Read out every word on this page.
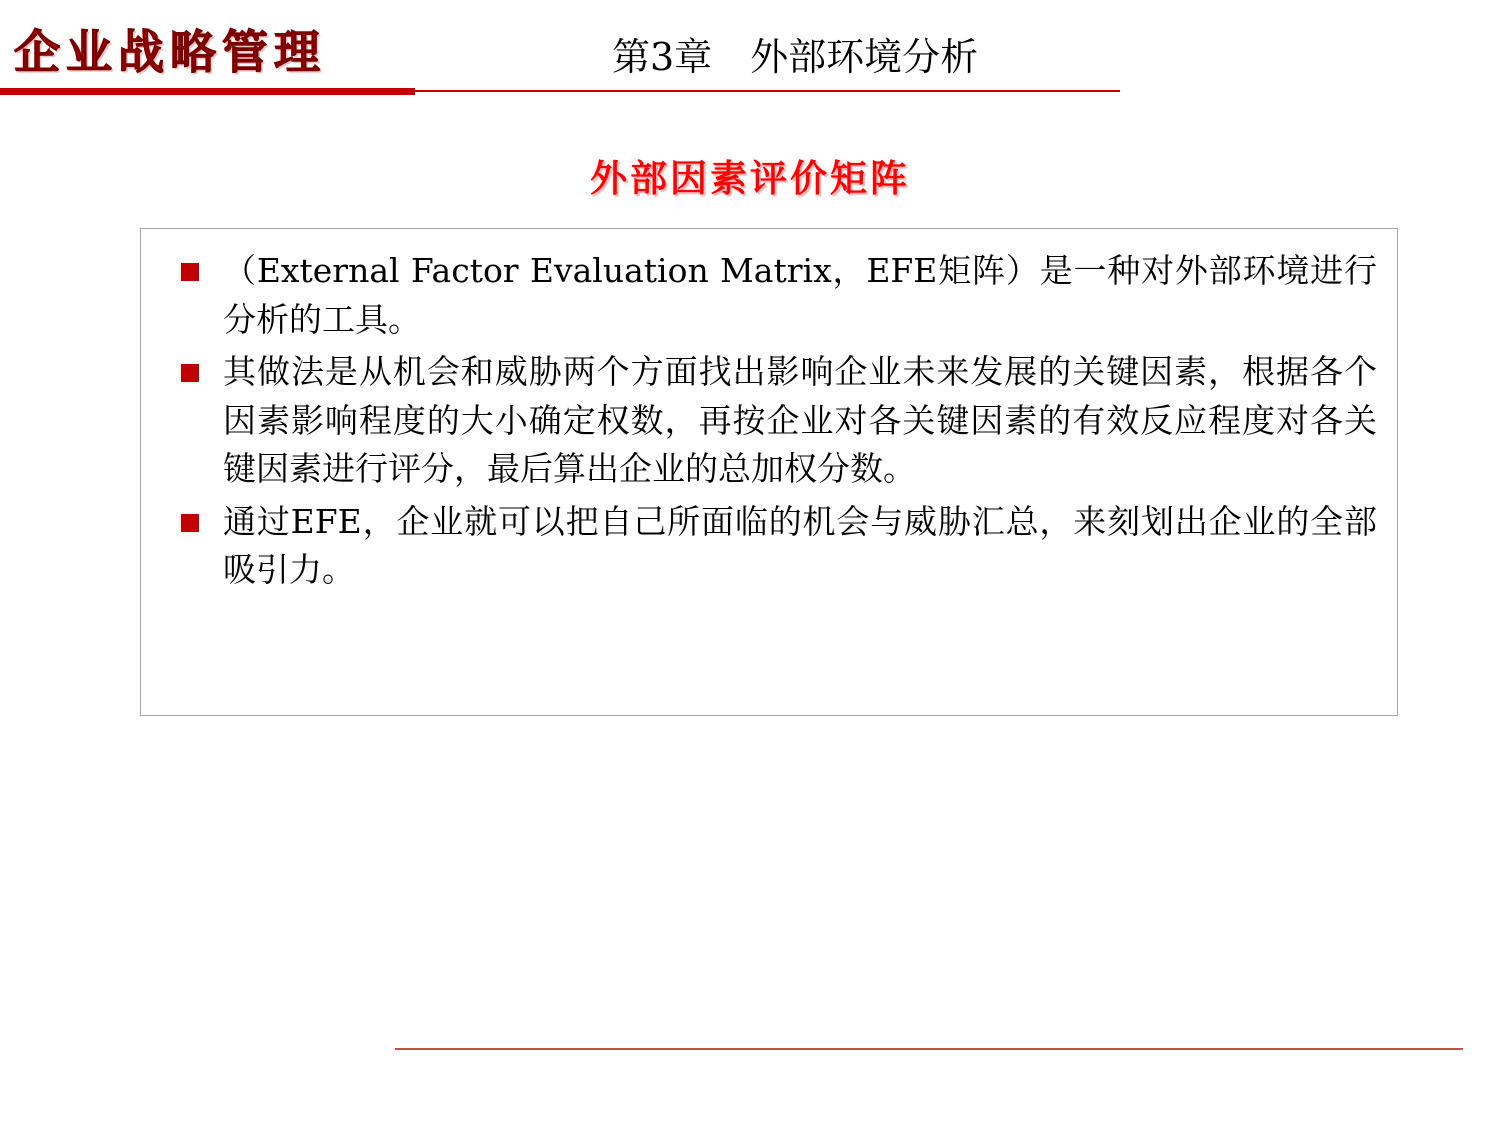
企业战略管理	第3章　外部环境分析
外部因素评价矩阵
（External Factor Evaluation Matrix，EFE矩阵）是一种对外部环境进行分析的工具。
其做法是从机会和威胁两个方面找出影响企业未来发展的关键因素，根据各个因素影响程度的大小确定权数，再按企业对各关键因素的有效反应程度对各关键因素进行评分，最后算出企业的总加权分数。
通过EFE，企业就可以把自己所面临的机会与威胁汇总，来刻划出企业的全部吸引力。
